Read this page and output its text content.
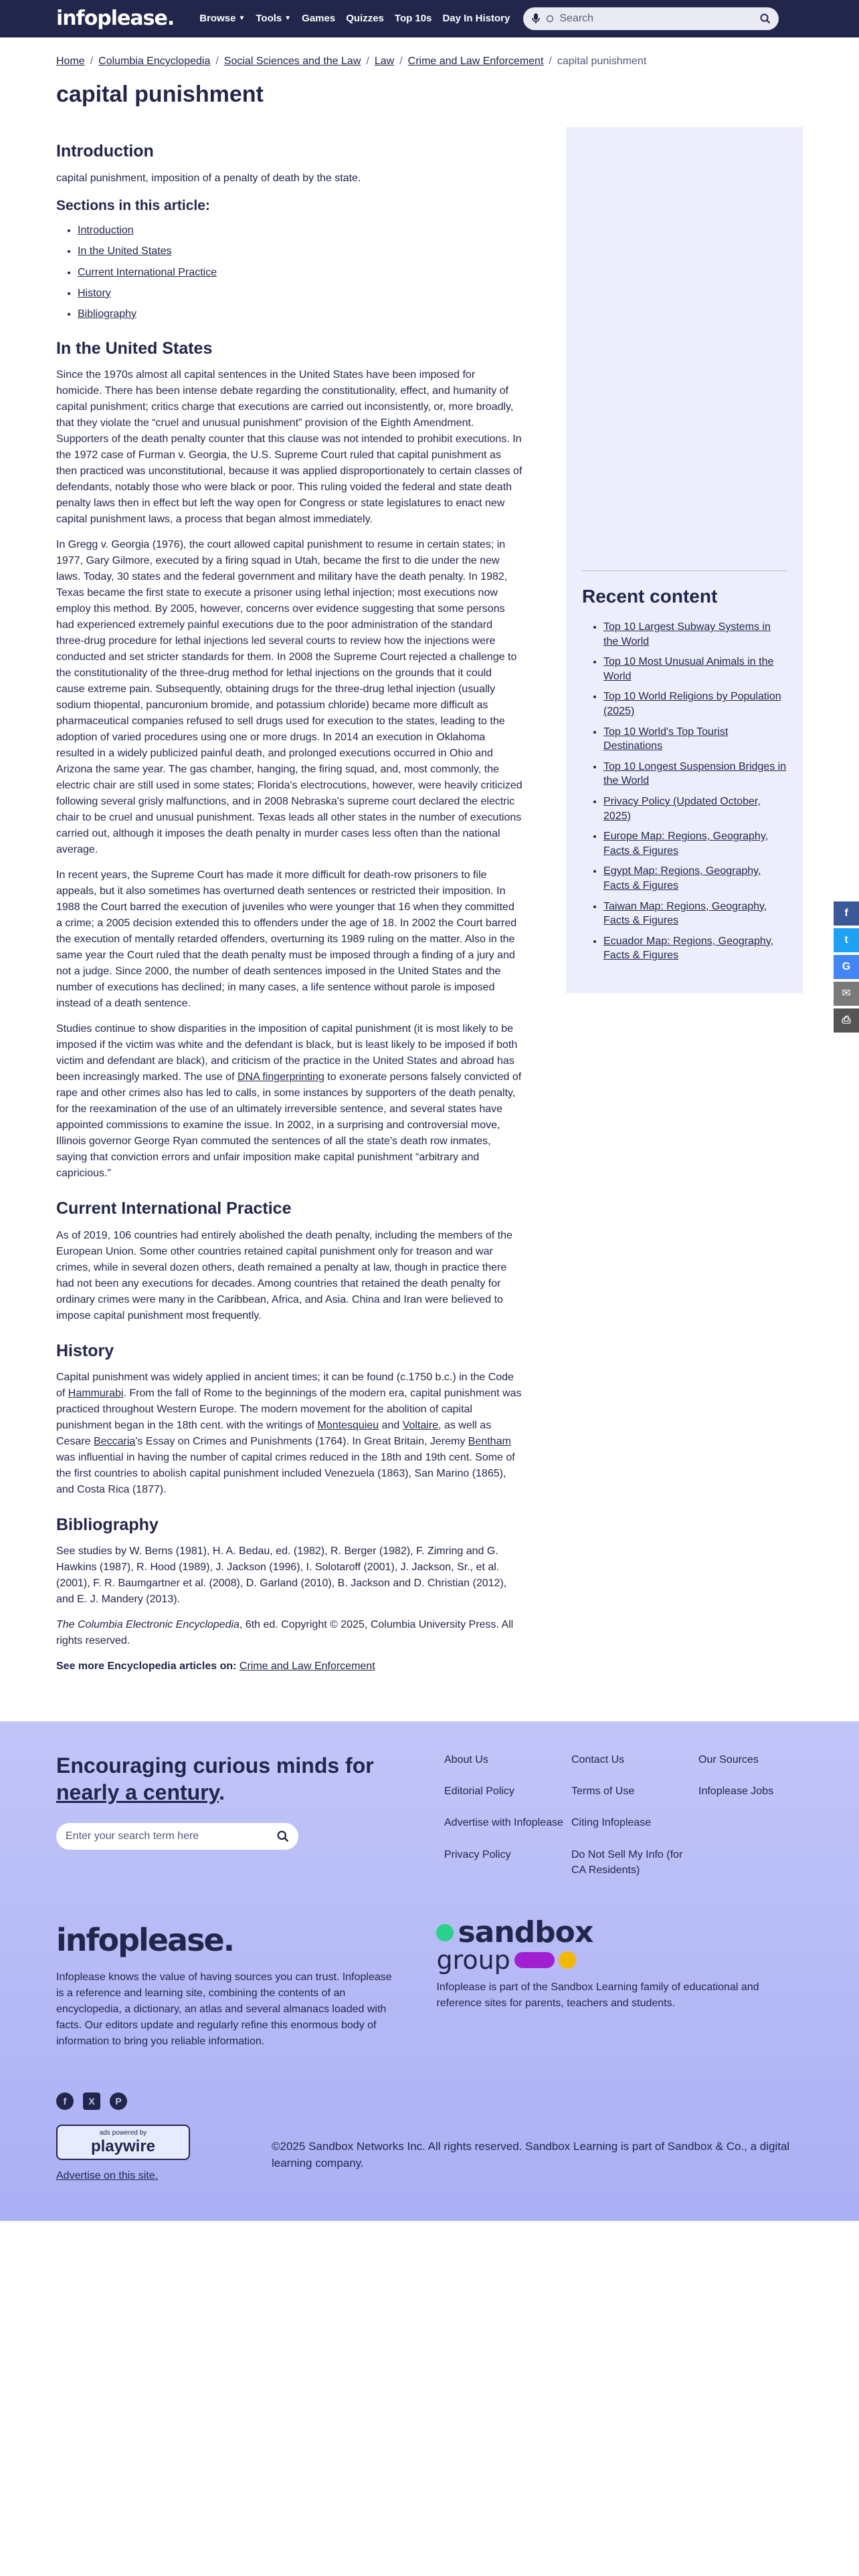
infoplease.	Browse ▼ Tools ▼ Games Quizzes Top 10s Day In History
Search
Home / Columbia Encyclopedia / Social Sciences and the Law / Law / Crime and Law Enforcement / capital punishment
capital punishment
Introduction

capital punishment, imposition of a penalty of death by the state.

Sections in this article:
• Introduction
• In the United States
• Current International Practice
• History
• Bibliography
In the United States

Since the 1970s almost all capital sentences in the United States have been imposed for homicide. There has been intense debate regarding the constitutionality, effect, and humanity of capital punishment; critics charge that executions are carried out inconsistently, or, more broadly, that they violate the “cruel and unusual punishment” provision of the Eighth Amendment. Supporters of the death penalty counter that this clause was not intended to prohibit executions. In the 1972 case of Furman v. Georgia, the U.S. Supreme Court ruled that capital punishment as then practiced was unconstitutional, because it was applied disproportionately to certain classes of defendants, notably those who were black or poor. This ruling voided the federal and state death penalty laws then in effect but left the way open for Congress or state legislatures to enact new capital punishment laws, a process that began almost immediately.

In Gregg v. Georgia (1976), the court allowed capital punishment to resume in certain states; in 1977, Gary Gilmore, executed by a firing squad in Utah, became the first to die under the new laws. Today, 30 states and the federal government and military have the death penalty. In 1982, Texas became the first state to execute a prisoner using lethal injection; most executions now employ this method. By 2005, however, concerns over evidence suggesting that some persons had experienced extremely painful executions due to the poor administration of the standard three-drug procedure for lethal injections led several courts to review how the injections were conducted and set stricter standards for them. In 2008 the Supreme Court rejected a challenge to the constitutionality of the three-drug method for lethal injections on the grounds that it could cause extreme pain. Subsequently, obtaining drugs for the three-drug lethal injection (usually sodium thiopental, pancuronium bromide, and potassium chloride) became more difficult as pharmaceutical companies refused to sell drugs used for execution to the states, leading to the adoption of varied procedures using one or more drugs. In 2014 an execution in Oklahoma resulted in a widely publicized painful death, and prolonged executions occurred in Ohio and Arizona the same year. The gas chamber, hanging, the firing squad, and, most commonly, the electric chair are still used in some states; Florida's electrocutions, however, were heavily criticized following several grisly malfunctions, and in 2008 Nebraska's supreme court declared the electric chair to be cruel and unusual punishment. Texas leads all other states in the number of executions carried out, although it imposes the death penalty in murder cases less often than the national average.

In recent years, the Supreme Court has made it more difficult for death-row prisoners to file appeals, but it also sometimes has overturned death sentences or restricted their imposition. In 1988 the Court barred the execution of juveniles who were younger that 16 when they committed a crime; a 2005 decision extended this to offenders under the age of 18. In 2002 the Court barred the execution of mentally retarded offenders, overturning its 1989 ruling on the matter. Also in the same year the Court ruled that the death penalty must be imposed through a finding of a jury and not a judge. Since 2000, the number of death sentences imposed in the United States and the number of executions has declined; in many cases, a life sentence without parole is imposed instead of a death sentence.

Studies continue to show disparities in the imposition of capital punishment (it is most likely to be imposed if the victim was white and the defendant is black, but is least likely to be imposed if both victim and defendant are black), and criticism of the practice in the United States and abroad has been increasingly marked. The use of DNA fingerprinting to exonerate persons falsely convicted of rape and other crimes also has led to calls, in some instances by supporters of the death penalty, for the reexamination of the use of an ultimately irreversible sentence, and several states have appointed commissions to examine the issue. In 2002, in a surprising and controversial move, Illinois governor George Ryan commuted the sentences of all the state's death row inmates, saying that conviction errors and unfair imposition make capital punishment “arbitrary and capricious.”

Current International Practice

As of 2019, 106 countries had entirely abolished the death penalty, including the members of the European Union. Some other countries retained capital punishment only for treason and war crimes, while in several dozen others, death remained a penalty at law, though in practice there had not been any executions for decades. Among countries that retained the death penalty for ordinary crimes were many in the Caribbean, Africa, and Asia. China and Iran were believed to impose capital punishment most frequently.

History

Capital punishment was widely applied in ancient times; it can be found (c.1750 b.c.) in the Code of Hammurabi. From the fall of Rome to the beginnings of the modern era, capital punishment was practiced throughout Western Europe. The modern movement for the abolition of capital punishment began in the 18th cent. with the writings of Montesquieu and Voltaire, as well as Cesare Beccaria's Essay on Crimes and Punishments (1764). In Great Britain, Jeremy Bentham was influential in having the number of capital crimes reduced in the 18th and 19th cent. Some of the first countries to abolish capital punishment included Venezuela (1863), San Marino (1865), and Costa Rica (1877).

Bibliography

See studies by W. Berns (1981), H. A. Bedau, ed. (1982), R. Berger (1982), F. Zimring and G. Hawkins (1987), R. Hood (1989), J. Jackson (1996), I. Solotaroff (2001), J. Jackson, Sr., et al. (2001), F. R. Baumgartner et al. (2008), D. Garland (2010), B. Jackson and D. Christian (2012), and E. J. Mandery (2013).

The Columbia Electronic Encyclopedia, 6th ed. Copyright © 2025, Columbia University Press. All rights reserved.

See more Encyclopedia articles on: Crime and Law Enforcement

Recent content
• Top 10 Largest Subway Systems in the World
• Top 10 Most Unusual Animals in the World
• Top 10 World Religions by Population (2025)
• Top 10 World's Top Tourist Destinations
• Top 10 Longest Suspension Bridges in the World
• Privacy Policy (Updated October, 2025)
• Europe Map: Regions, Geography, Facts & Figures
• Egypt Map: Regions, Geography, Facts & Figures
• Taiwan Map: Regions, Geography, Facts & Figures
• Ecuador Map: Regions, Geography, Facts & Figures
f
t
G
✉
⎙
Encouraging curious minds for
nearly a century.
Enter your search term here
About Us
Editorial Policy
Advertise with Infoplease
Privacy Policy
Contact Us
Terms of Use
Citing Infoplease
Do Not Sell My Info (for CA Residents)
Our Sources
Infoplease Jobs
infoplease.

Infoplease knows the value of having sources you can trust. Infoplease is a reference and learning site, combining the contents of an encyclopedia, a dictionary, an atlas and several almanacs loaded with facts. Our editors update and regularly refine this enormous body of information to bring you reliable information.

sandbox
group

Infoplease is part of the Sandbox Learning family of educational and reference sites for parents, teachers and students.

f	X	P
ads powered by
playwire
Advertise on this site.
©2025 Sandbox Networks Inc. All rights reserved. Sandbox Learning is part of Sandbox & Co., a digital learning company.
